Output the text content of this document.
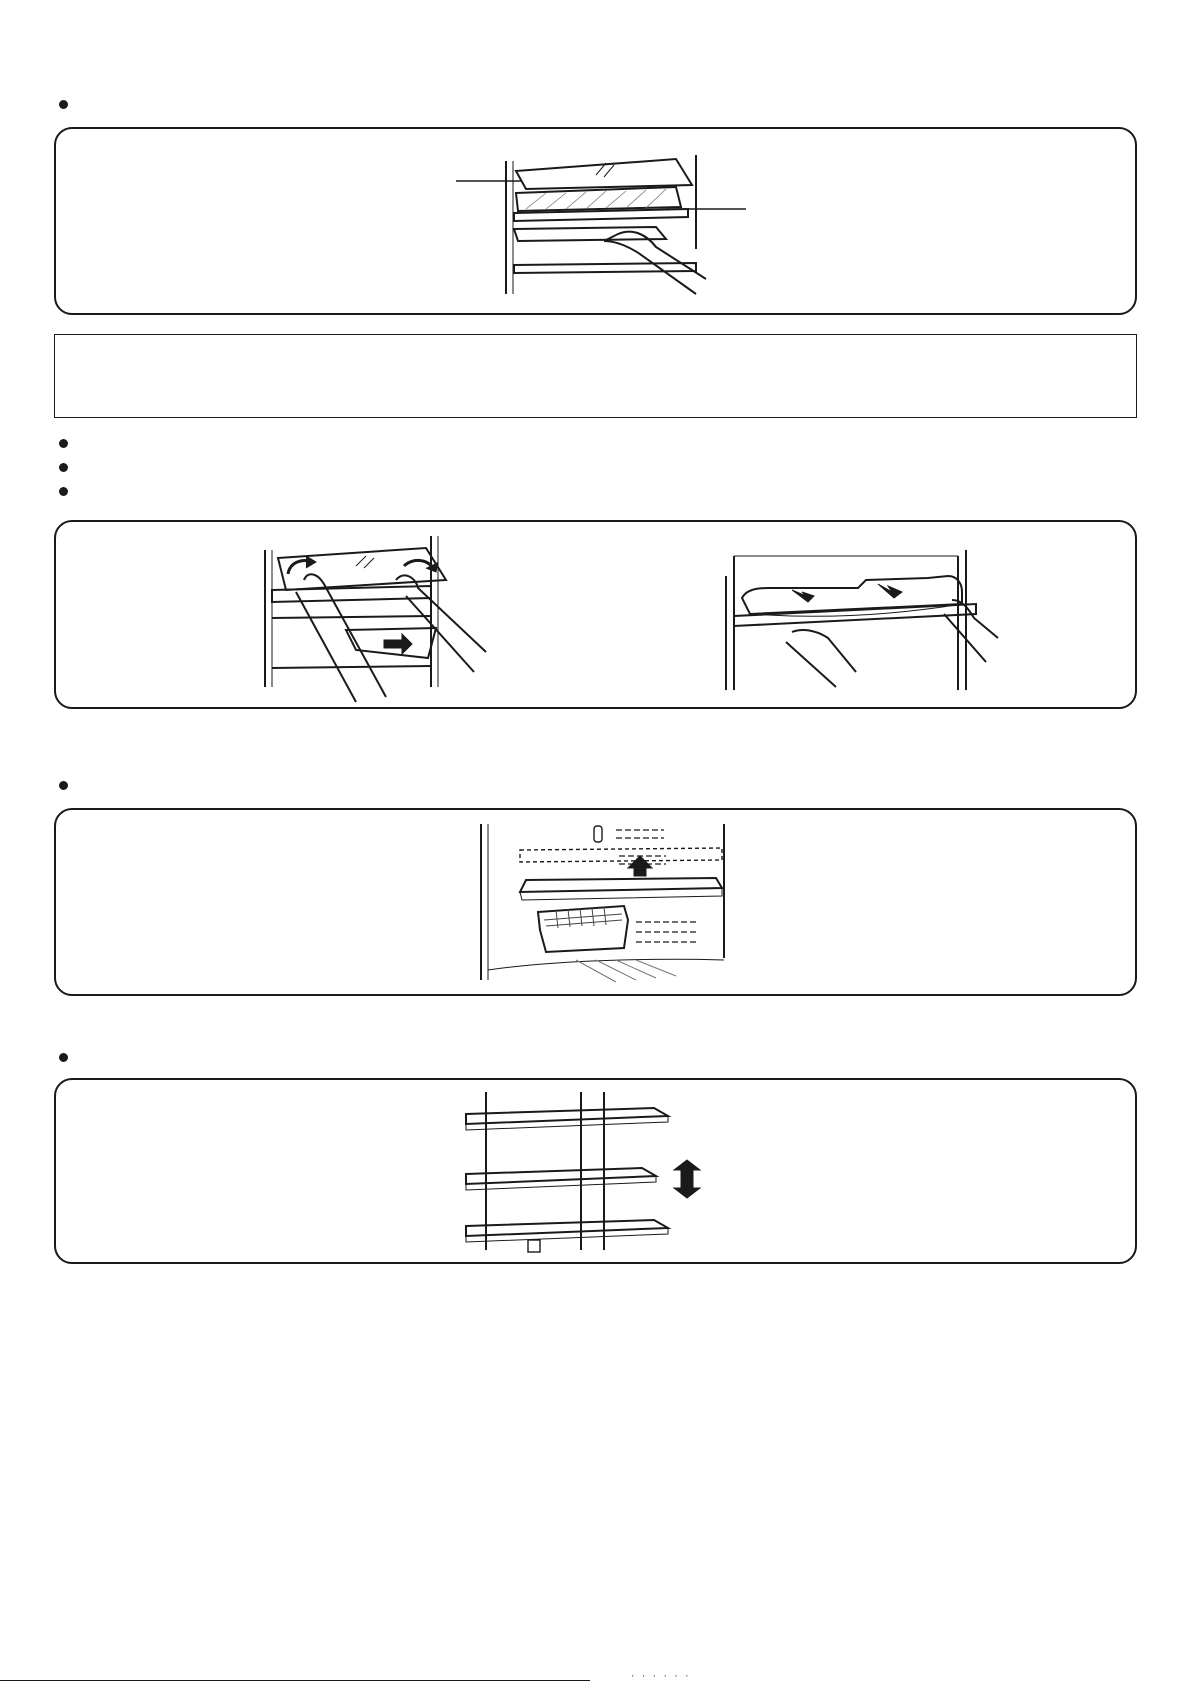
· · · · · ·
